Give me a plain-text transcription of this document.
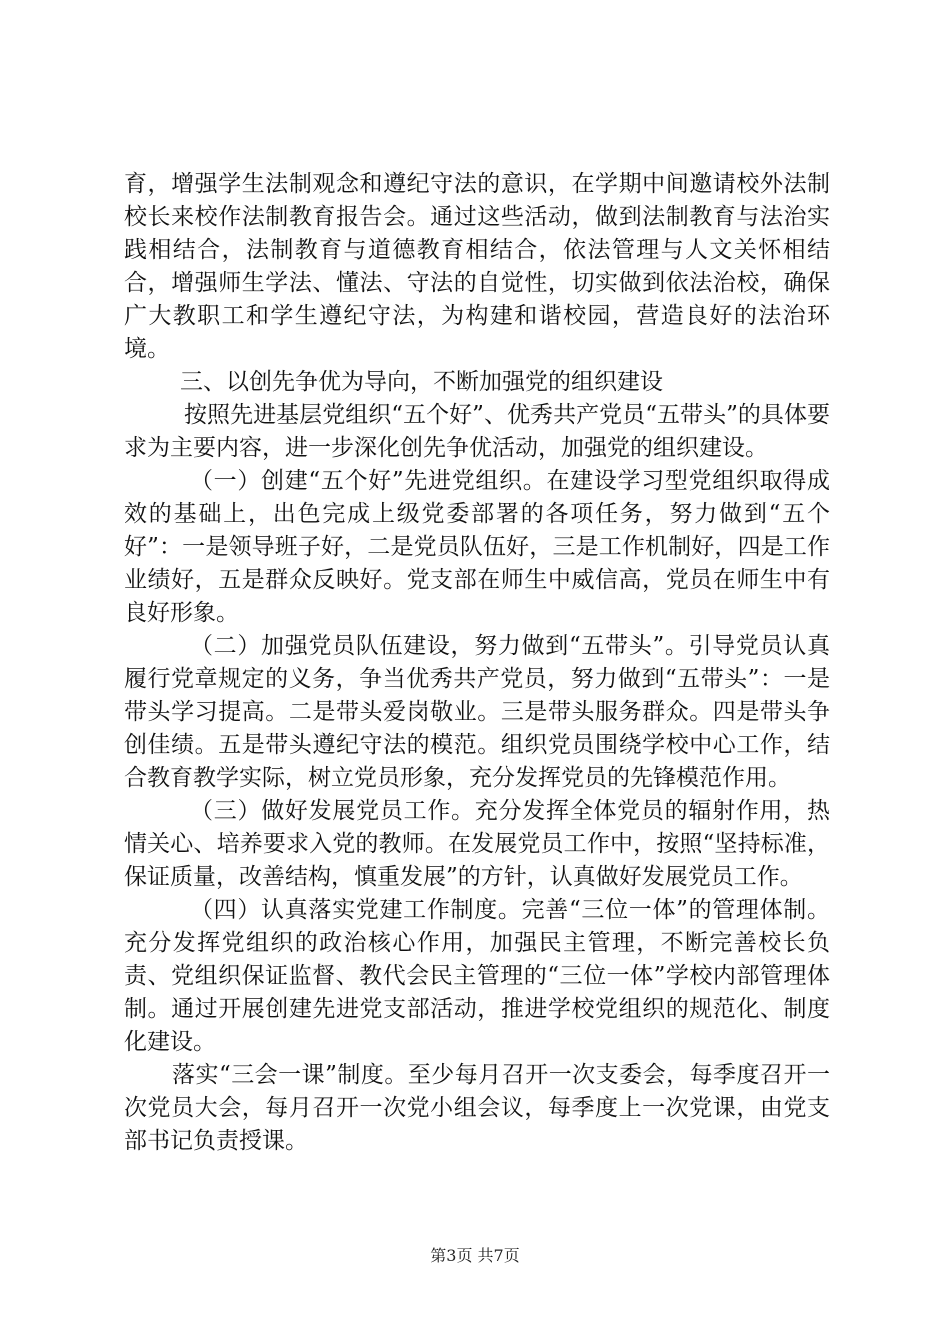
育，增强学生法制观念和遵纪守法的意识，在学期中间邀请校外法制校长来校作法制教育报告会。通过这些活动，做到法制教育与法治实践相结合，法制教育与道德教育相结合，依法管理与人文关怀相结合，增强师生学法、懂法、守法的自觉性，切实做到依法治校，确保广大教职工和学生遵纪守法，为构建和谐校园，营造良好的法治环境。

三、以创先争优为导向，不断加强党的组织建设

按照先进基层党组织“五个好”、优秀共产党员“五带头”的具体要求为主要内容，进一步深化创先争优活动，加强党的组织建设。

（一）创建“五个好”先进党组织。在建设学习型党组织取得成效的基础上，出色完成上级党委部署的各项任务，努力做到“五个好”：一是领导班子好，二是党员队伍好，三是工作机制好，四是工作业绩好，五是群众反映好。党支部在师生中威信高，党员在师生中有良好形象。

（二）加强党员队伍建设，努力做到“五带头”。引导党员认真履行党章规定的义务，争当优秀共产党员，努力做到“五带头”：一是带头学习提高。二是带头爱岗敬业。三是带头服务群众。四是带头争创佳绩。五是带头遵纪守法的模范。组织党员围绕学校中心工作，结合教育教学实际，树立党员形象，充分发挥党员的先锋模范作用。

（三）做好发展党员工作。充分发挥全体党员的辐射作用，热情关心、培养要求入党的教师。在发展党员工作中，按照“坚持标准，保证质量，改善结构，慎重发展”的方针，认真做好发展党员工作。

（四）认真落实党建工作制度。完善“三位一体”的管理体制。充分发挥党组织的政治核心作用，加强民主管理，不断完善校长负责、党组织保证监督、教代会民主管理的“三位一体”学校内部管理体制。通过开展创建先进党支部活动，推进学校党组织的规范化、制度化建设。

落实“三会一课”制度。至少每月召开一次支委会，每季度召开一次党员大会，每月召开一次党小组会议，每季度上一次党课，由党支部书记负责授课。

第3页 共7页
